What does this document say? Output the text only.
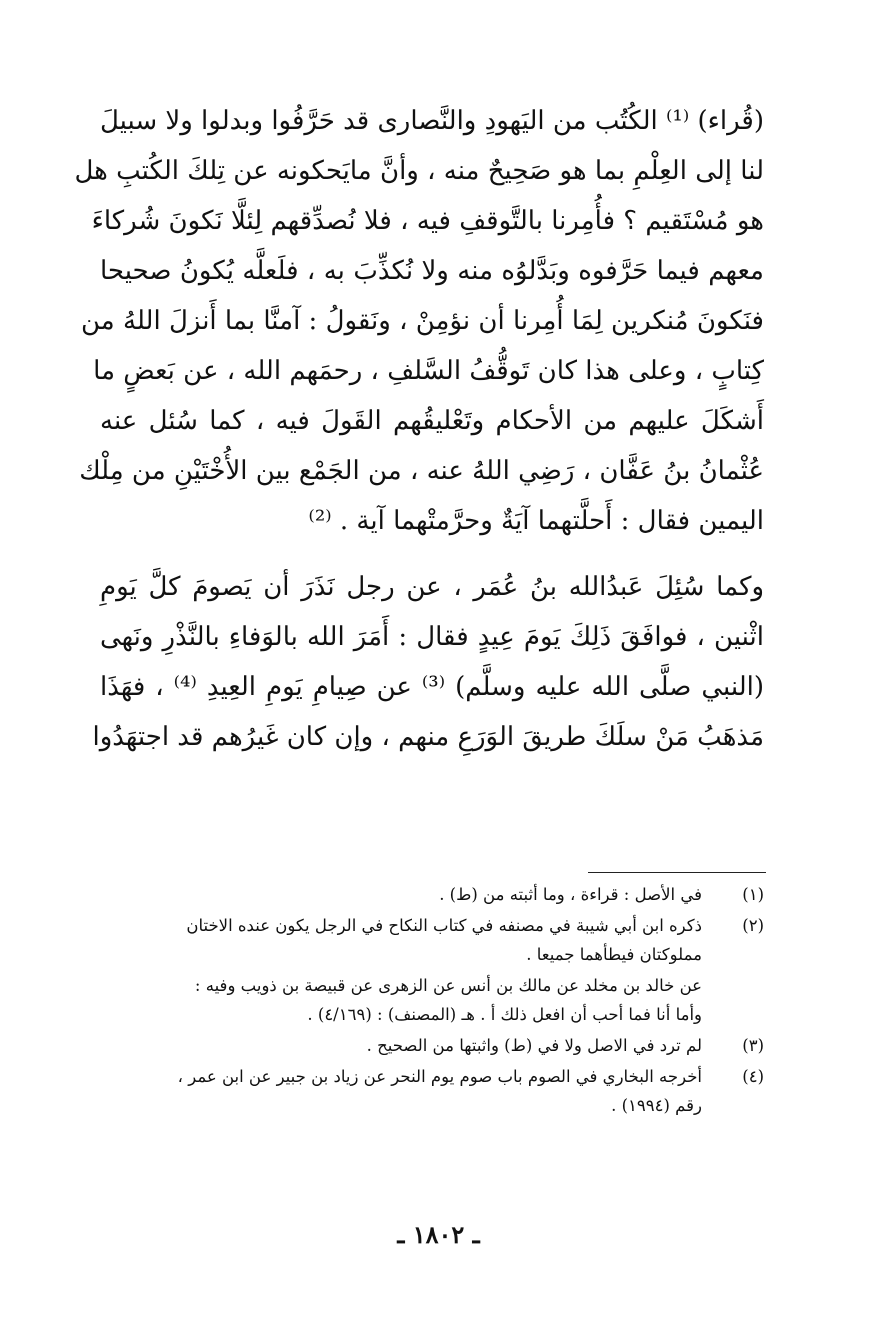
(قُراء) ⁽¹⁾ الكُتُب من اليَهودِ والنَّصارى قد حَرَّفُوا وبدلوا ولا سبيلَ
لنا إلى العِلْمِ بما هو صَحِيحٌ منه ، وأنَّ مايَحكونه عن تِلكَ الكُتبِ هل
هو مُسْتَقيم ؟ فأُمِرنا بالتَّوقفِ فيه ، فلا نُصدِّقهم لِئلَّا نَكونَ شُركاءَ
معهم فيما حَرَّفوه وبَدَّلوُه منه ولا نُكذِّبَ به ، فلَعلَّه يُكونُ صحيحا
فنَكونَ مُنكرين لِمَا أُمِرنا أن نؤمِنْ ، ونَقولُ : آمنَّا بما أَنزلَ اللهُ من
كِتابٍ ، وعلى هذا كان تَوقُّفُ السَّلفِ ، رحمَهم الله ، عن بَعضٍ ما
أَشكَلَ عليهم من الأحكام وتَعْليقُهم القَولَ فيه ، كما سُئل عنه
عُثْمانُ بنُ عَفَّان ، رَضِي اللهُ عنه ، من الجَمْع بين الأُخْتَيْنِ من مِلْك
اليمين فقال : أَحلَّتهما آيَةٌ وحرَّمتْهما آية . ⁽²⁾
وكما سُئِلَ عَبدُالله بنُ عُمَر ، عن رجل نَذَرَ أن يَصومَ كلَّ يَومِ
اثْنين ، فوافَقَ ذَلِكَ يَومَ عِيدٍ فقال : أَمَرَ الله بالوَفاءِ بالنَّذْرِ ونَهى
(النبي صلَّى الله عليه وسلَّم) ⁽³⁾ عن صِيامِ يَومِ العِيدِ ⁽⁴⁾ ، فهَذَا
مَذهَبُ مَنْ سلَكَ طريقَ الوَرَعِ منهم ، وإن كان غَيرُهم قد اجتهَدُوا
(١)
في الأصل : قراءة ، وما أثبته من (ط) .
(٢)
ذكره ابن أبي شيبة في مصنفه في كتاب النكاح في الرجل يكون عنده الاختان
مملوكتان فيطأهما جميعا .
عن خالد بن مخلد عن مالك بن أنس عن الزهرى عن قبيصة بن ذويب وفيه :
وأما أنا فما أحب أن افعل ذلك أ . هـ (المصنف) : (٤/١٦٩) .
(٣)
لم ترد في الاصل ولا في (ط) واثبتها من الصحيح .
(٤)
أخرجه البخاري في الصوم باب صوم يوم النحر عن زياد بن جبير عن ابن عمر ،
رقم (١٩٩٤) .
ـ ١٨٠٢ ـ
